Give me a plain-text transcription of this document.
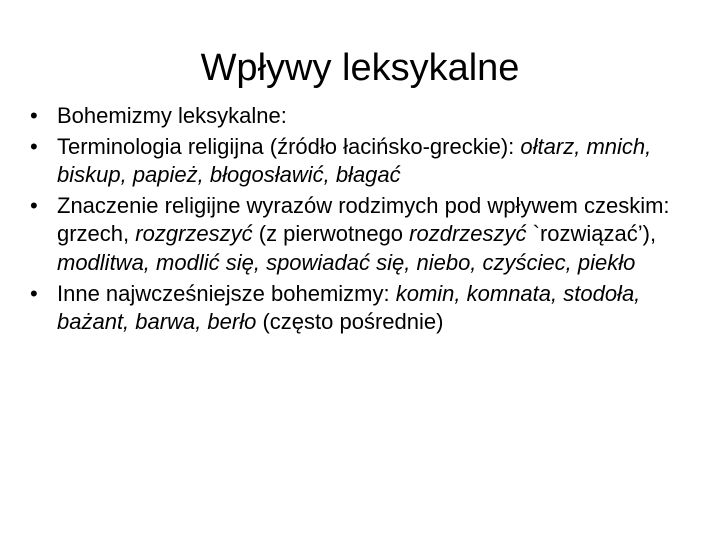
Wpływy leksykalne
• Bohemizmy leksykalne:
• Terminologia religijna (źródło łacińsko-greckie): ołtarz, mnich, biskup, papież, błogosławić, błagać
• Znaczenie religijne wyrazów rodzimych pod wpływem czeskim: grzech, rozgrzeszyć (z pierwotnego rozdrzeszyć `rozwiązać’), modlitwa, modlić się, spowiadać się, niebo, czyściec, piekło
• Inne najwcześniejsze bohemizmy: komin, komnata, stodoła, bażant, barwa, berło (często pośrednie)
